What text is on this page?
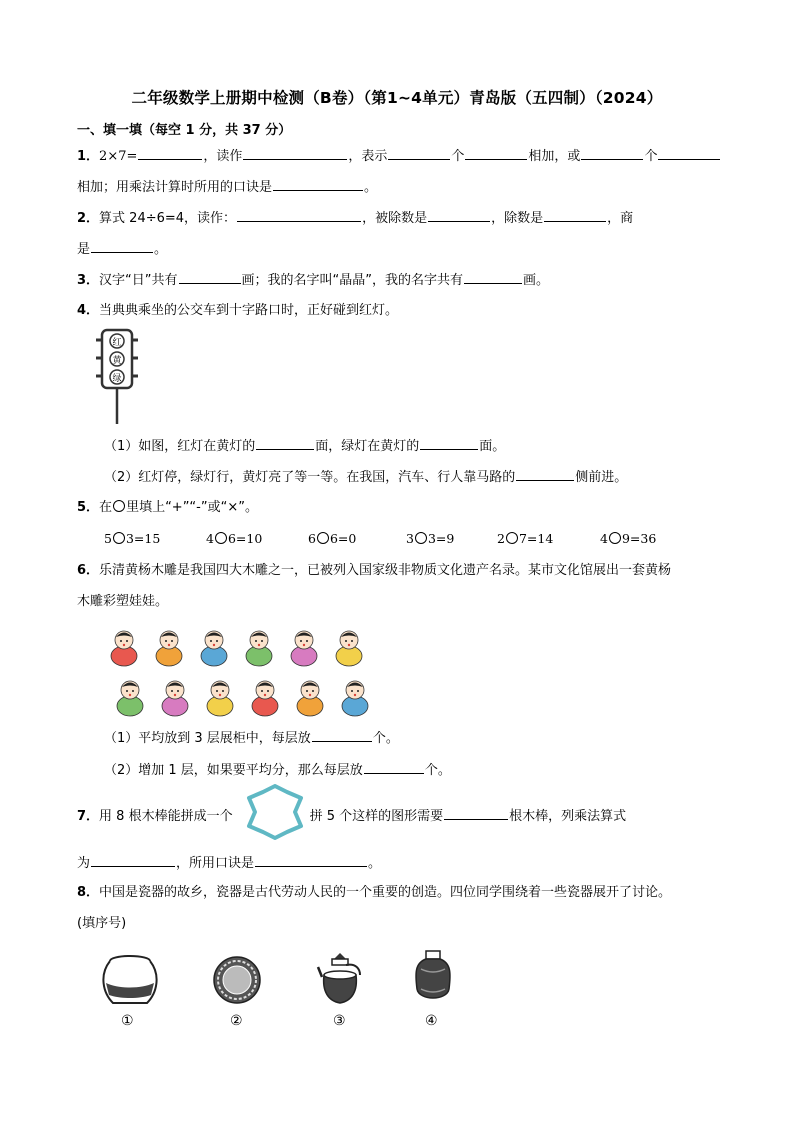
二年级数学上册期中检测（B卷）（第1~4单元）青岛版（五四制）（2024）
一、填一填（每空 1 分，共 37 分）
1．2×7=	，读作	，表示	个	相加，或	个
相加；用乘法计算时所用的口诀是	。
2．算式 24÷6=4，读作：	，被除数是	，除数是	，商
是	。
3．汉字“日”共有	画；我的名字叫“晶晶”，我的名字共有	画。
4．当典典乘坐的公交车到十字路口时，正好碰到红灯。
红
黄
绿
（1）如图，红灯在黄灯的	面，绿灯在黄灯的	面。
（2）红灯停，绿灯行，黄灯亮了等一等。在我国，汽车、行人靠马路的	侧前进。
5．在 里填上“+”“-”或“×”。
5 3=15	4 6=10	6 6=0	3 3=9	2 7=14	4 9=36
6．乐清黄杨木雕是我国四大木雕之一，已被列入国家级非物质文化遗产名录。某市文化馆展出一套黄杨
木雕彩塑娃娃。
（1）平均放到 3 层展柜中，每层放	个。
（2）增加 1 层，如果要平均分，那么每层放	个。
7．用 8 根木棒能拼成一个	，拼 5 个这样的图形需要	根木棒，列乘法算式
为	，所用口诀是	。
8．中国是瓷器的故乡，瓷器是古代劳动人民的一个重要的创造。四位同学围绕着一些瓷器展开了讨论。
(填序号)
①	②	③	④
